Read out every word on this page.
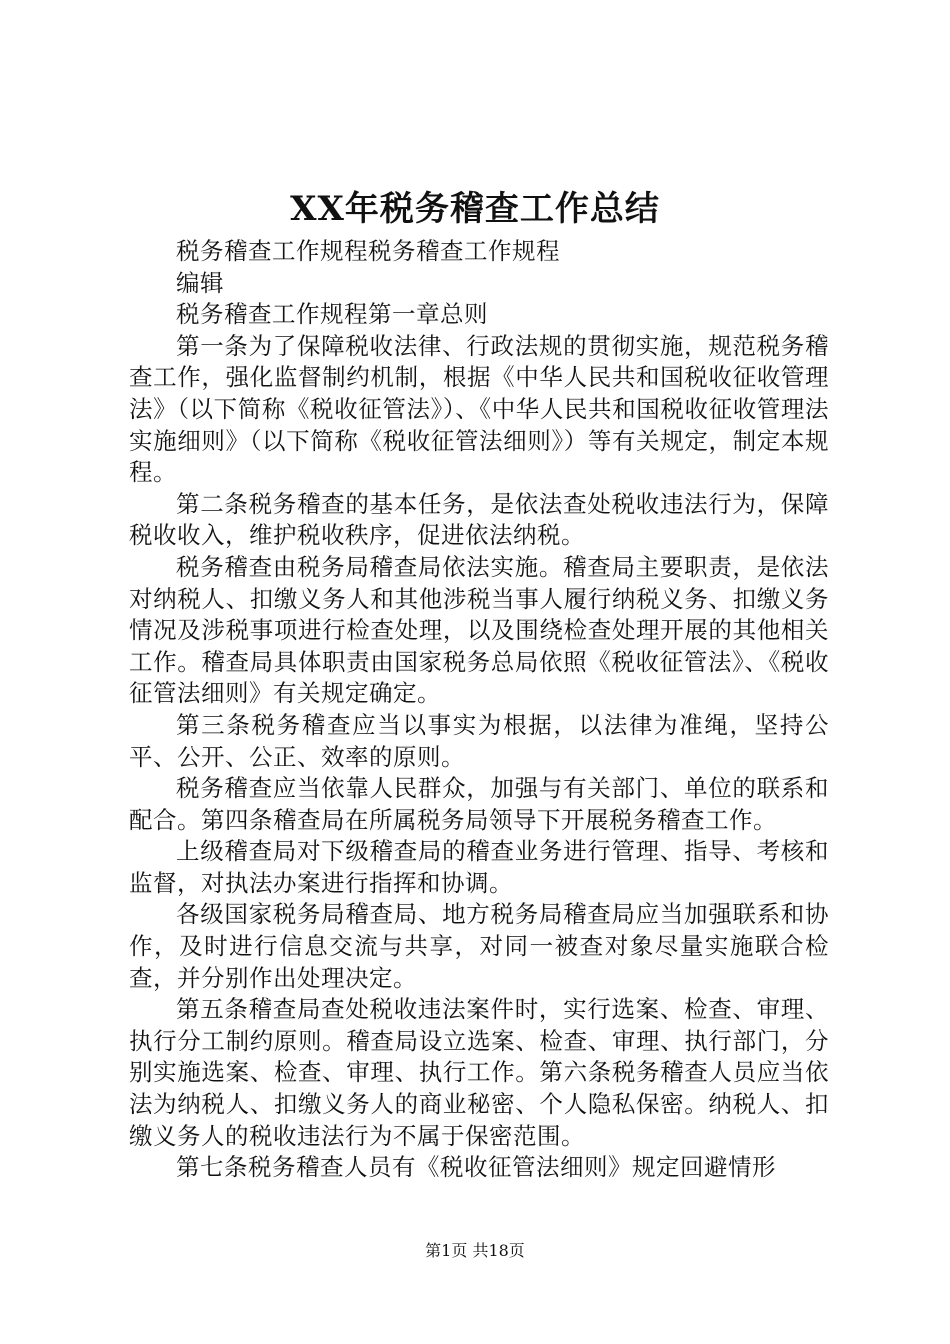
XX年税务稽查工作总结

税务稽查工作规程税务稽查工作规程

编辑

税务稽查工作规程第一章总则

第一条为了保障税收法律、行政法规的贯彻实施，规范税务稽查工作，强化监督制约机制，根据《中华人民共和国税收征收管理法》（以下简称《税收征管法》）、《中华人民共和国税收征收管理法实施细则》（以下简称《税收征管法细则》）等有关规定，制定本规程。

第二条税务稽查的基本任务，是依法查处税收违法行为，保障税收收入，维护税收秩序，促进依法纳税。

税务稽查由税务局稽查局依法实施。稽查局主要职责，是依法对纳税人、扣缴义务人和其他涉税当事人履行纳税义务、扣缴义务情况及涉税事项进行检查处理，以及围绕检查处理开展的其他相关工作。稽查局具体职责由国家税务总局依照《税收征管法》、《税收征管法细则》有关规定确定。

第三条税务稽查应当以事实为根据，以法律为准绳，坚持公平、公开、公正、效率的原则。

税务稽查应当依靠人民群众，加强与有关部门、单位的联系和配合。第四条稽查局在所属税务局领导下开展税务稽查工作。

上级稽查局对下级稽查局的稽查业务进行管理、指导、考核和监督，对执法办案进行指挥和协调。

各级国家税务局稽查局、地方税务局稽查局应当加强联系和协作，及时进行信息交流与共享，对同一被查对象尽量实施联合检查，并分别作出处理决定。

第五条稽查局查处税收违法案件时，实行选案、检查、审理、执行分工制约原则。稽查局设立选案、检查、审理、执行部门，分别实施选案、检查、审理、执行工作。第六条税务稽查人员应当依法为纳税人、扣缴义务人的商业秘密、个人隐私保密。纳税人、扣缴义务人的税收违法行为不属于保密范围。

第七条税务稽查人员有《税收征管法细则》规定回避情形

第1页 共18页
